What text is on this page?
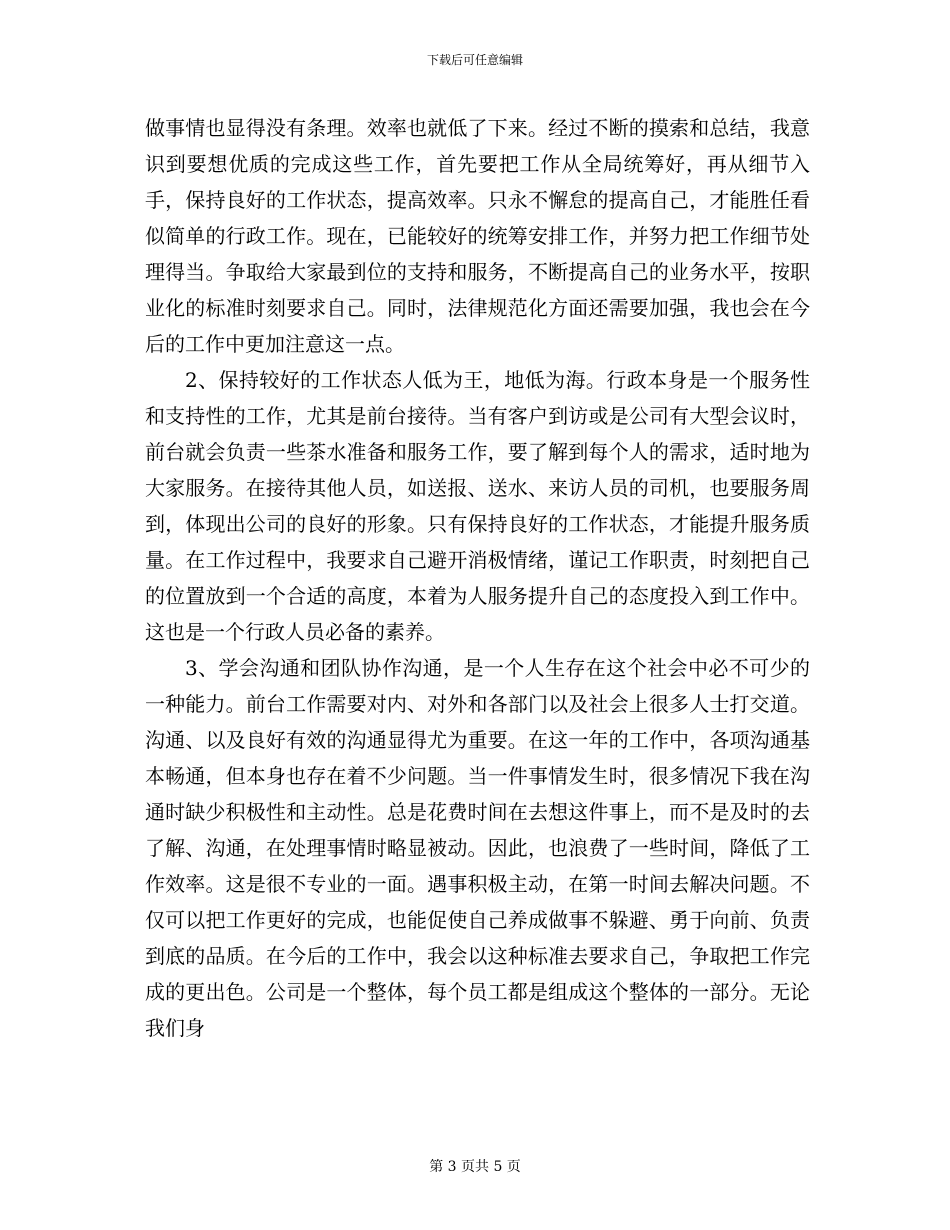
下载后可任意编辑

做事情也显得没有条理。效率也就低了下来。经过不断的摸索和总结，我意识到要想优质的完成这些工作，首先要把工作从全局统筹好，再从细节入手，保持良好的工作状态，提高效率。只永不懈怠的提高自己，才能胜任看似简单的行政工作。现在，已能较好的统筹安排工作，并努力把工作细节处理得当。争取给大家最到位的支持和服务，不断提高自己的业务水平，按职业化的标准时刻要求自己。同时，法律规范化方面还需要加强，我也会在今后的工作中更加注意这一点。

2、保持较好的工作状态人低为王，地低为海。行政本身是一个服务性和支持性的工作，尤其是前台接待。当有客户到访或是公司有大型会议时，前台就会负责一些茶水准备和服务工作，要了解到每个人的需求，适时地为大家服务。在接待其他人员，如送报、送水、来访人员的司机，也要服务周到，体现出公司的良好的形象。只有保持良好的工作状态，才能提升服务质量。在工作过程中，我要求自己避开消极情绪，谨记工作职责，时刻把自己的位置放到一个合适的高度，本着为人服务提升自己的态度投入到工作中。这也是一个行政人员必备的素养。

3、学会沟通和团队协作沟通，是一个人生存在这个社会中必不可少的一种能力。前台工作需要对内、对外和各部门以及社会上很多人士打交道。沟通、以及良好有效的沟通显得尤为重要。在这一年的工作中，各项沟通基本畅通，但本身也存在着不少问题。当一件事情发生时，很多情况下我在沟通时缺少积极性和主动性。总是花费时间在去想这件事上，而不是及时的去了解、沟通，在处理事情时略显被动。因此，也浪费了一些时间，降低了工作效率。这是很不专业的一面。遇事积极主动，在第一时间去解决问题。不仅可以把工作更好的完成，也能促使自己养成做事不躲避、勇于向前、负责到底的品质。在今后的工作中，我会以这种标准去要求自己，争取把工作完成的更出色。公司是一个整体，每个员工都是组成这个整体的一部分。无论我们身

第 3 页共 5 页
